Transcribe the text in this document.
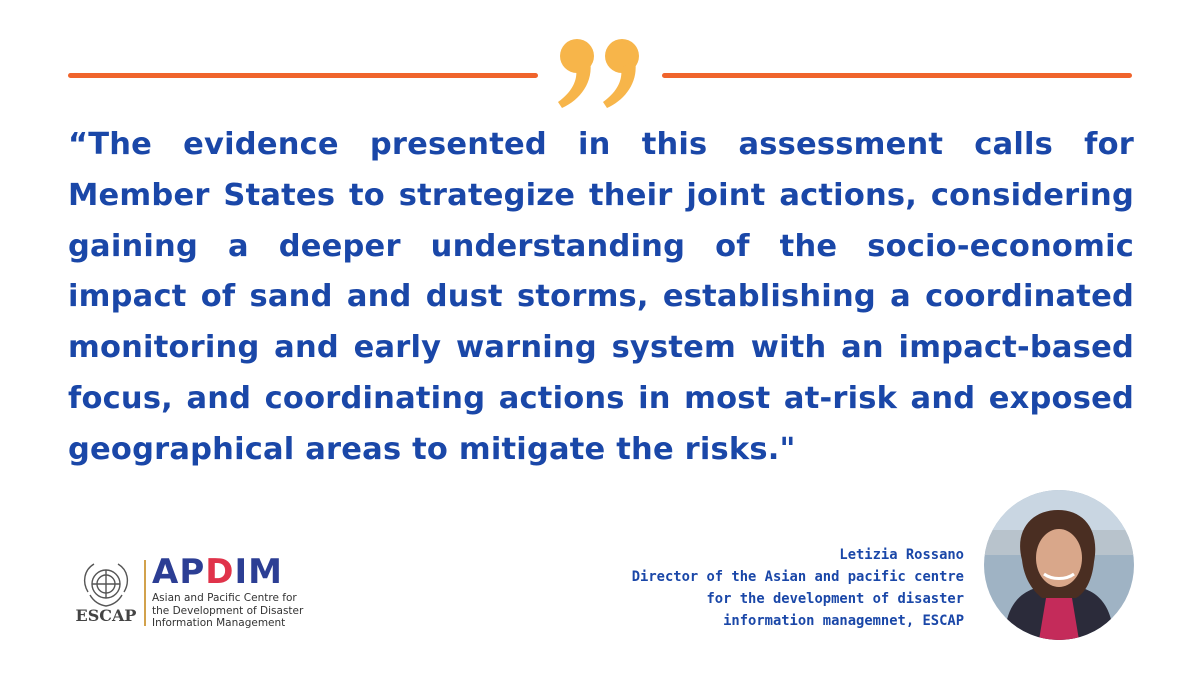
“The evidence presented in this assessment calls for Member States to strategize their joint actions, considering gaining a deeper understanding of the socio-economic impact of sand and dust storms, establishing a coordinated monitoring and early warning system with an impact-based focus, and coordinating actions in most at-risk and exposed geographical areas to mitigate the risks."

ESCAP
APDIM
Asian and Pacific Centre for
the Development of Disaster
Information Management
Letizia Rossano
Director of the Asian and pacific centre
for the development of disaster
information managemnet, ESCAP
